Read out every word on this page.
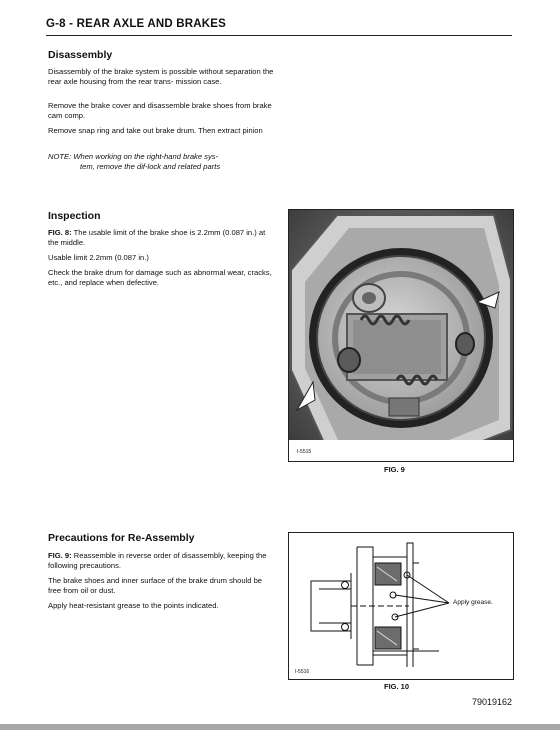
G-8 - REAR AXLE AND BRAKES
Disassembly

Disassembly of the brake system is possible without separation the rear axle housing from the rear trans- mission case.

Remove the brake cover and disassemble brake shoes from brake cam comp.

Remove snap ring and take out brake drum. Then extract pinion

NOTE: When working on the right-hand brake sys-
tem, remove the dif-lock and related parts

Inspection

FIG. 8: The usable limit of the brake shoe is 2.2mm (0.087 in.) at the middle.

Usable limit 2.2mm (0.087 in.)

Check the brake drum for damage such as abnormal wear, cracks, etc., and replace when defective.

I-5515
FIG. 9
Precautions for Re-Assembly

FIG. 9: Reassemble in reverse order of disassembly, keeping the following precautions.

The brake shoes and inner surface of the brake drum should be free from oil or dust.

Apply heat-resistant grease to the points indicated.

I-5516
Apply grease.
FIG. 10
79019162
